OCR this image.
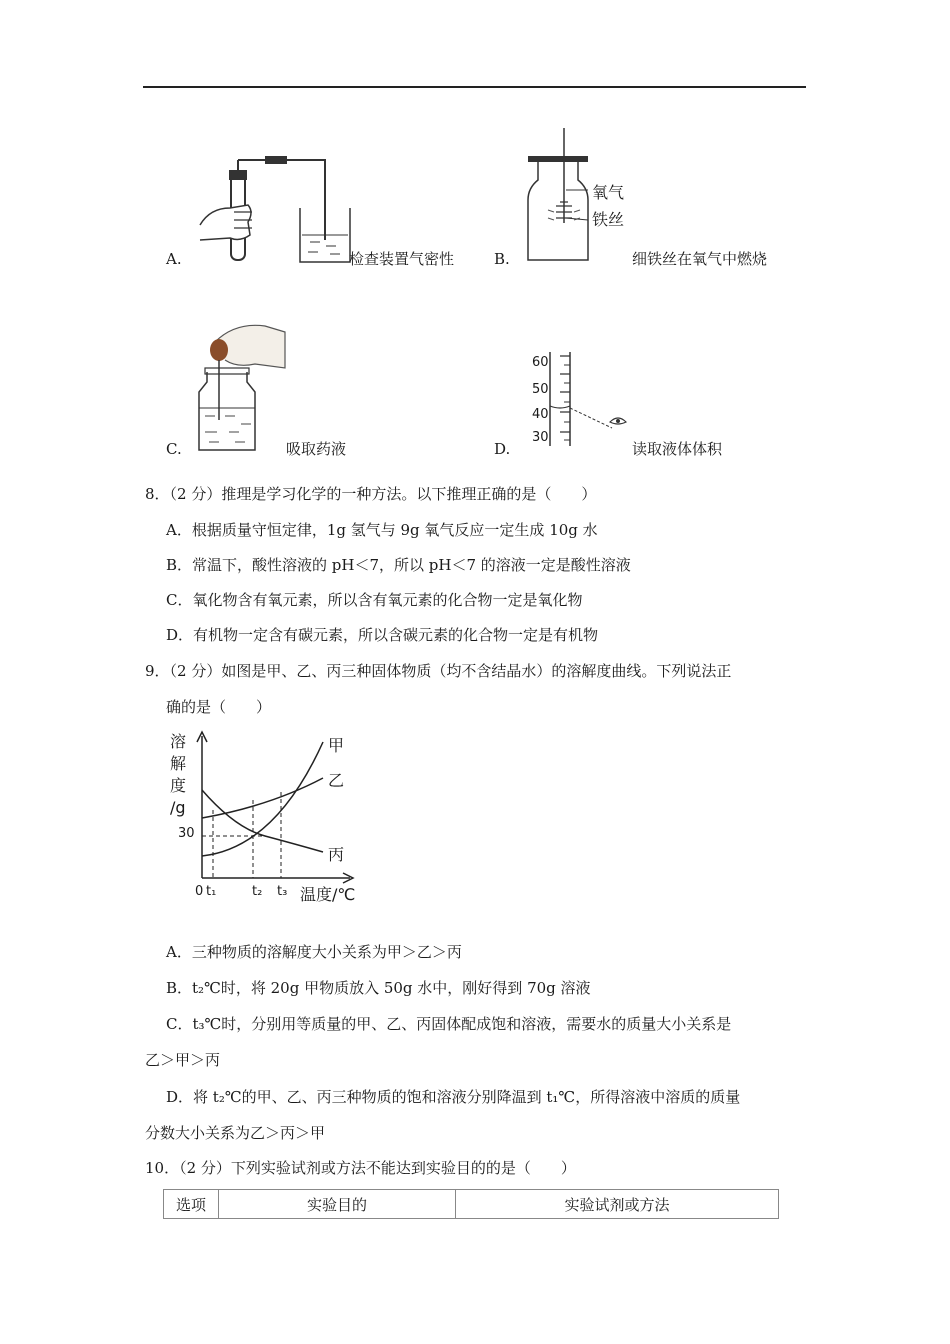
A.	检查装置气密性
氧气
铁丝
B.	细铁丝在氧气中燃烧
C.	吸取药液
60
50
40
30
D.	读取液体体积
8．（2 分）推理是学习化学的一种方法。以下推理正确的是（　　）
A．根据质量守恒定律，1g 氢气与 9g 氧气反应一定生成 10g 水
B．常温下，酸性溶液的 pH＜7，所以 pH＜7 的溶液一定是酸性溶液
C．氧化物含有氧元素，所以含有氧元素的化合物一定是氧化物
D．有机物一定含有碳元素，所以含碳元素的化合物一定是有机物
9．（2 分）如图是甲、乙、丙三种固体物质（均不含结晶水）的溶解度曲线。下列说法正
确的是（　　）
溶
解
度
/g
30
0 t₁	t₂ t₃ 温度/℃
甲
乙
丙
A．三种物质的溶解度大小关系为甲＞乙＞丙
B．t₂℃时，将 20g 甲物质放入 50g 水中，刚好得到 70g 溶液
C．t₃℃时，分别用等质量的甲、乙、丙固体配成饱和溶液，需要水的质量大小关系是
乙＞甲＞丙
D．将 t₂℃的甲、乙、丙三种物质的饱和溶液分别降温到 t₁℃，所得溶液中溶质的质量
分数大小关系为乙＞丙＞甲
10．（2 分）下列实验试剂或方法不能达到实验目的的是（　　）
选项	实验目的	实验试剂或方法
